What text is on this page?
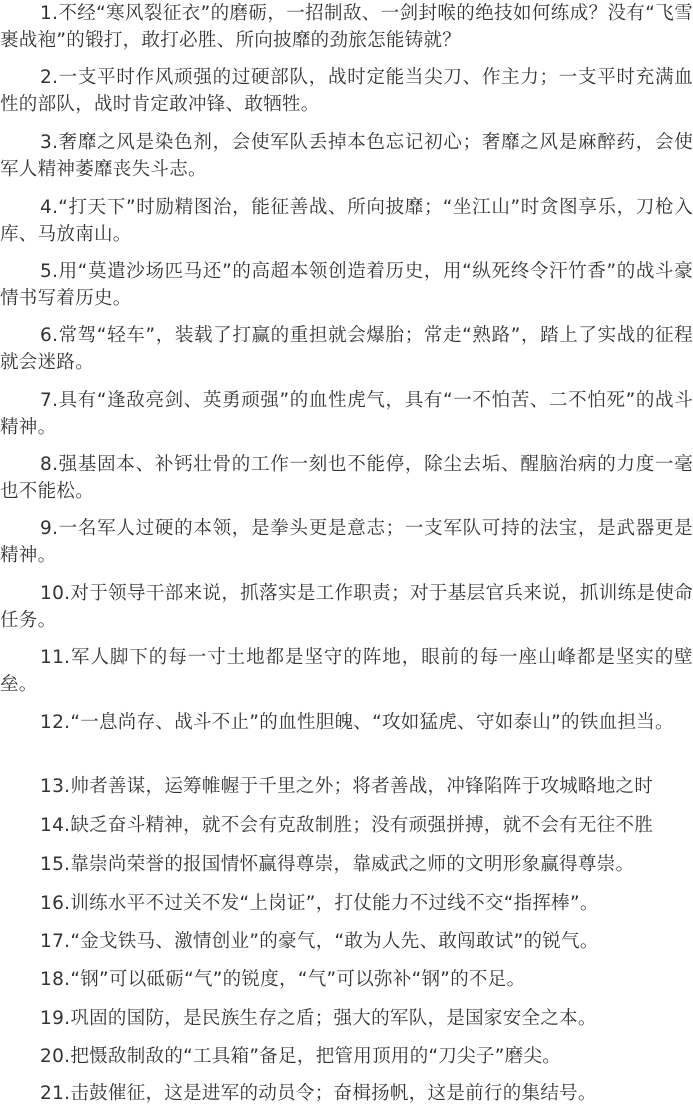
1.不经“寒风裂征衣”的磨砺，一招制敌、一剑封喉的绝技如何练成？没有“飞雪裹战袍”的锻打，敢打必胜、所向披靡的劲旅怎能铸就？

2.一支平时作风顽强的过硬部队，战时定能当尖刀、作主力；一支平时充满血性的部队，战时肯定敢冲锋、敢牺牲。

3.奢靡之风是染色剂，会使军队丢掉本色忘记初心；奢靡之风是麻醉药，会使军人精神萎靡丧失斗志。

4.“打天下”时励精图治，能征善战、所向披靡；“坐江山”时贪图享乐，刀枪入库、马放南山。

5.用“莫遣沙场匹马还”的高超本领创造着历史，用“纵死终令汗竹香”的战斗豪情书写着历史。

6.常驾“轻车”，装载了打赢的重担就会爆胎；常走“熟路”，踏上了实战的征程就会迷路。

7.具有“逢敌亮剑、英勇顽强”的血性虎气，具有“一不怕苦、二不怕死”的战斗精神。

8.强基固本、补钙壮骨的工作一刻也不能停，除尘去垢、醒脑治病的力度一毫也不能松。

9.一名军人过硬的本领，是拳头更是意志；一支军队可持的法宝，是武器更是精神。

10.对于领导干部来说，抓落实是工作职责；对于基层官兵来说，抓训练是使命任务。

11.军人脚下的每一寸土地都是坚守的阵地，眼前的每一座山峰都是坚实的壁垒。

12.“一息尚存、战斗不止”的血性胆魄、“攻如猛虎、守如泰山”的铁血担当。

13.帅者善谋，运筹帷幄于千里之外；将者善战，冲锋陷阵于攻城略地之时

14.缺乏奋斗精神，就不会有克敌制胜；没有顽强拼搏，就不会有无往不胜

15.靠崇尚荣誉的报国情怀赢得尊崇，靠威武之师的文明形象赢得尊崇。

16.训练水平不过关不发“上岗证”，打仗能力不过线不交“指挥棒”。

17.“金戈铁马、激情创业”的豪气，“敢为人先、敢闯敢试”的锐气。

18.“钢”可以砥砺“气”的锐度，“气”可以弥补“钢”的不足。

19.巩固的国防，是民族生存之盾；强大的军队，是国家安全之本。

20.把慑敌制敌的“工具箱”备足，把管用顶用的“刀尖子”磨尖。

21.击鼓催征，这是进军的动员令；奋楫扬帆，这是前行的集结号。
